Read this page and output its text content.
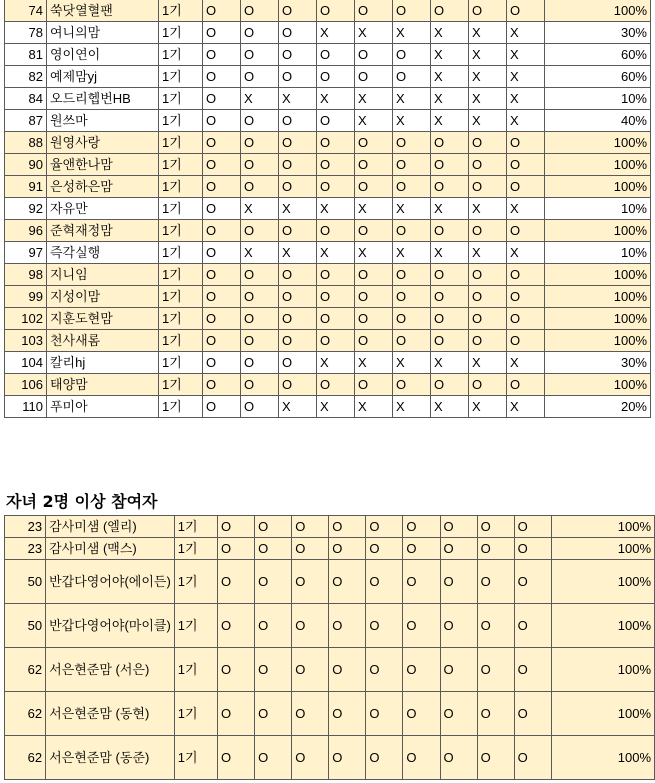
74	쑥닷열혈팬	1기	O	O	O	O	O	O	O	O	O	100%
78	여니의맘	1기	O	O	O	X	X	X	X	X	X	30%
81	영이연이	1기	O	O	O	O	O	O	X	X	X	60%
82	예제맘yj	1기	O	O	O	O	O	O	X	X	X	60%
84	오드리헵번HB	1기	O	X	X	X	X	X	X	X	X	10%
87	원쓰마	1기	O	O	O	O	X	X	X	X	X	40%
88	원영사랑	1기	O	O	O	O	O	O	O	O	O	100%
90	율앤한나맘	1기	O	O	O	O	O	O	O	O	O	100%
91	은성하은맘	1기	O	O	O	O	O	O	O	O	O	100%
92	자유만	1기	O	X	X	X	X	X	X	X	X	10%
96	준혁재정맘	1기	O	O	O	O	O	O	O	O	O	100%
97	즉각실행	1기	O	X	X	X	X	X	X	X	X	10%
98	지니임	1기	O	O	O	O	O	O	O	O	O	100%
99	지성이맘	1기	O	O	O	O	O	O	O	O	O	100%
102	지훈도현맘	1기	O	O	O	O	O	O	O	O	O	100%
103	천사새롬	1기	O	O	O	O	O	O	O	O	O	100%
104	칼리hj	1기	O	O	O	X	X	X	X	X	X	30%
106	태양맘	1기	O	O	O	O	O	O	O	O	O	100%
110	푸미아	1기	O	O	X	X	X	X	X	X	X	20%
자녀 2명 이상 참여자
23	감사미샘 (엘리)	1기	O	O	O	O	O	O	O	O	O	100%
23	감사미샘 (맥스)	1기	O	O	O	O	O	O	O	O	O	100%
50	반갑다영어야(에이든)	1기	O	O	O	O	O	O	O	O	O	100%
50	반갑다영어야(마이클)	1기	O	O	O	O	O	O	O	O	O	100%
62	서은현준맘 (서은)	1기	O	O	O	O	O	O	O	O	O	100%
62	서은현준맘 (동현)	1기	O	O	O	O	O	O	O	O	O	100%
62	서은현준맘 (동준)	1기	O	O	O	O	O	O	O	O	O	100%
